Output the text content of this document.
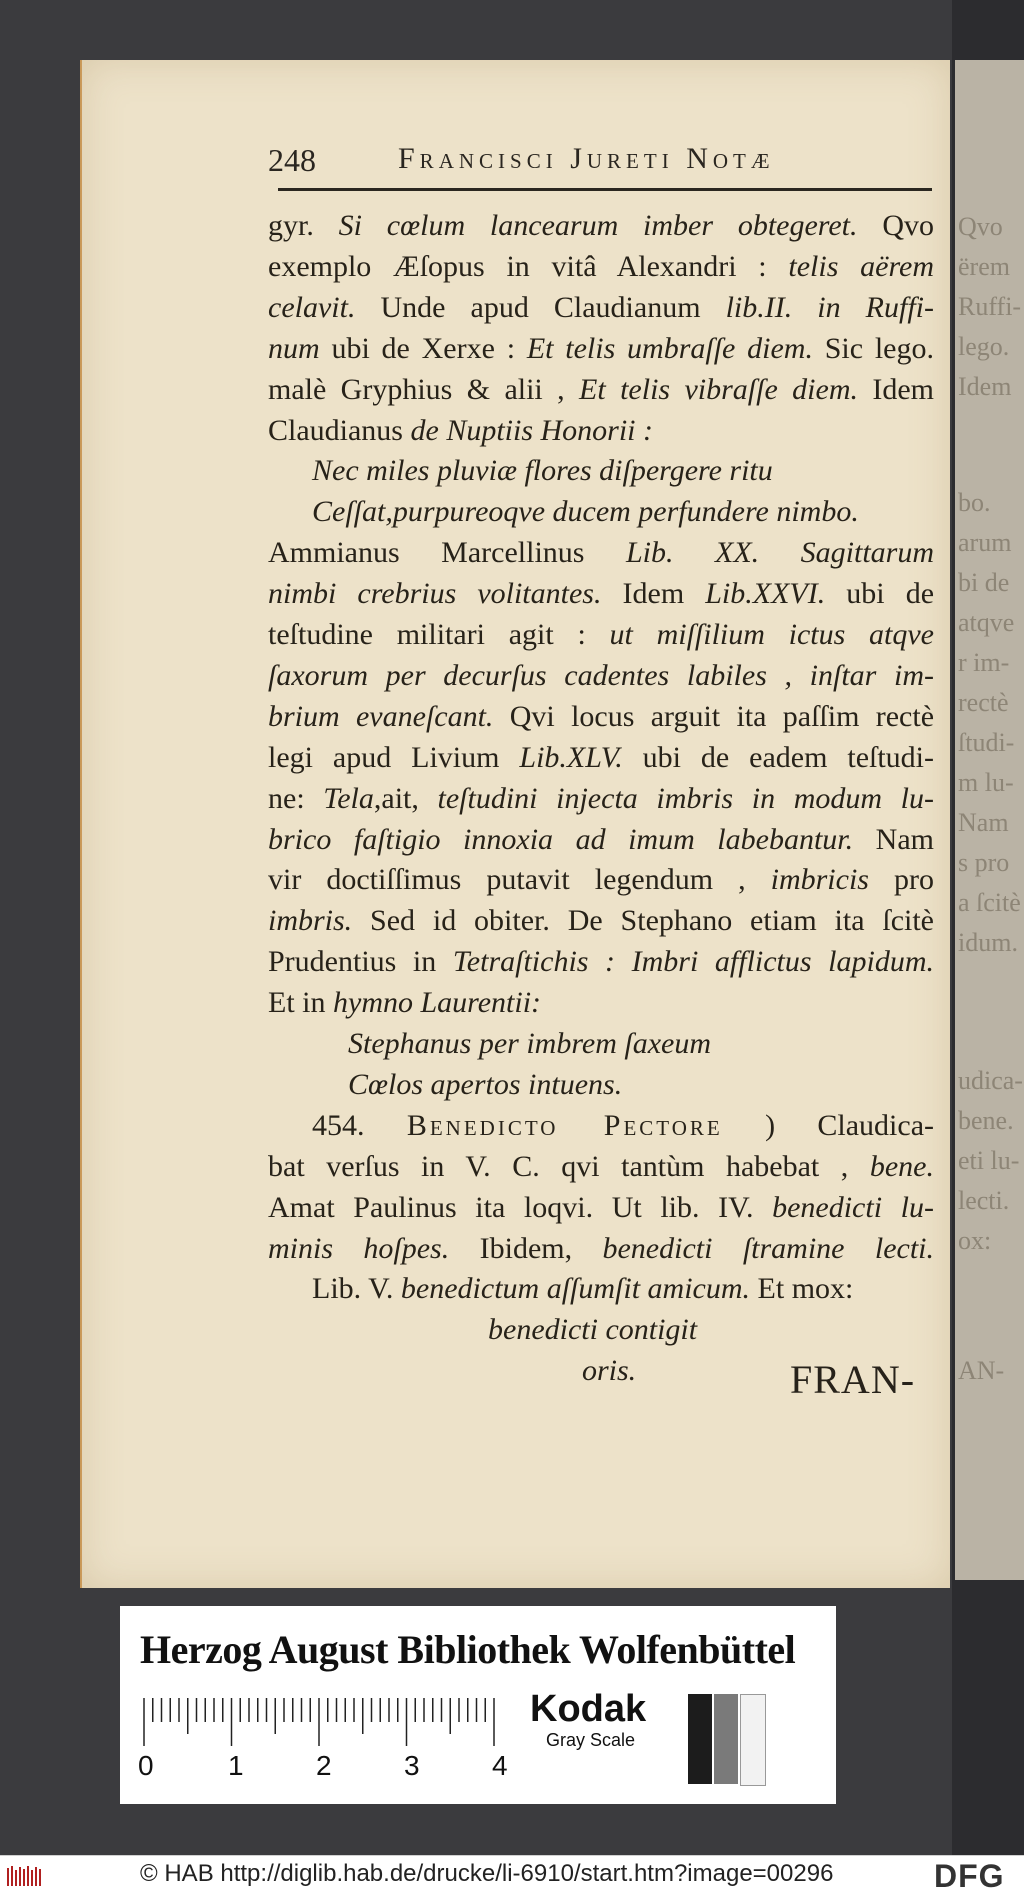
Qvo
ërem
Ruffi-
lego.
Idem
bo.
arum
bi de
atqve
r im-
rectè
ſtudi-
m lu-
Nam
s pro
a ſcitè
idum.
udica-
bene.
eti lu-
lecti.
ox:
AN-
248	Francisci Jureti Notæ
gyr. Si cœlum lancearum imber obtegeret. Qvo
exemplo Æſopus in vitâ Alexandri : telis aërem
celavit. Unde apud Claudianum lib.II. in Ruffi-
num ubi de Xerxe : Et telis umbraſſe diem. Sic lego.
malè Gryphius & alii , Et telis vibraſſe diem. Idem
Claudianus de Nuptiis Honorii :
Nec miles pluviæ flores diſpergere ritu
Ceſſat,purpureoqve ducem perfundere nimbo.
Ammianus Marcellinus Lib. XX. Sagittarum
nimbi crebrius volitantes. Idem Lib.XXVI. ubi de
teſtudine militari agit : ut miſſilium ictus atqve
ſaxorum per decurſus cadentes labiles , inſtar im-
brium evaneſcant. Qvi locus arguit ita paſſim rectè
legi apud Livium Lib.XLV. ubi de eadem teſtudi-
ne: Tela,ait, teſtudini injecta imbris in modum lu-
brico faſtigio innoxia ad imum labebantur. Nam
vir doctiſſimus putavit legendum , imbricis pro
imbris. Sed id obiter. De Stephano etiam ita ſcitè
Prudentius in Tetraſtichis : Imbri afflictus lapidum.
Et in hymno Laurentii:
Stephanus per imbrem ſaxeum
Cœlos apertos intuens.
454. Benedicto Pectore ) Claudica-
bat verſus in V. C. qvi tantùm habebat , bene.
Amat Paulinus ita loqvi. Ut lib. IV. benedicti lu-
minis hoſpes. Ibidem, benedicti ſtramine lecti.
Lib. V. benedictum aſſumſit amicum. Et mox:
benedicti contigit
oris.	FRAN-
Herzog August Bibliothek Wolfenbüttel
0	1	2	3	4
Kodak
Gray Scale
© HAB http://diglib.hab.de/drucke/li-6910/start.htm?image=00296	DFG
